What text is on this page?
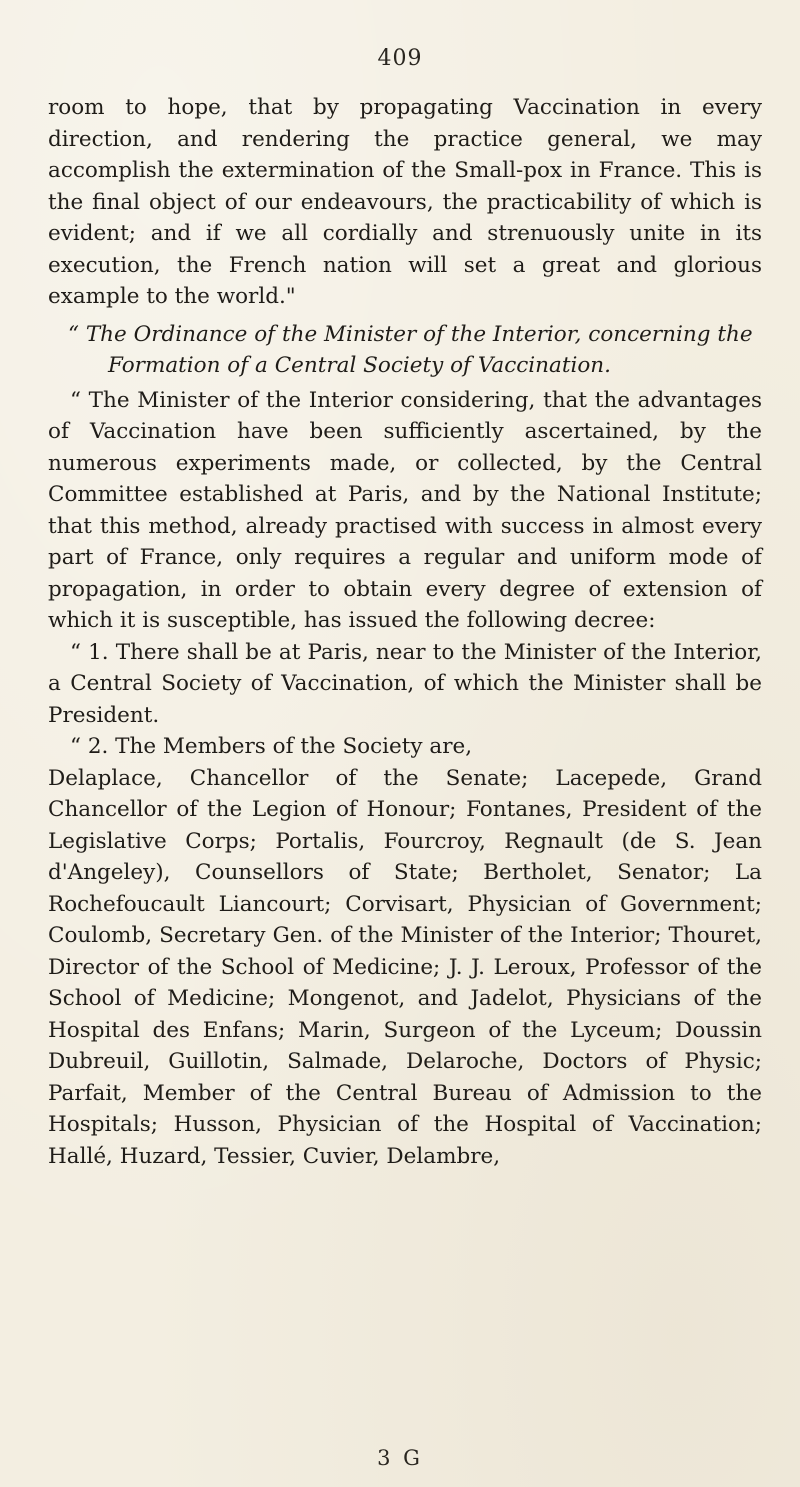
409

room to hope, that by propagating Vaccination in every direction, and rendering the practice general, we may accomplish the extermination of the Small-pox in France. This is the final object of our endeavours, the practicability of which is evident; and if we all cordially and strenuously unite in its execution, the French nation will set a great and glorious example to the world."

“ The Ordinance of the Minister of the Interior, concerning the
Formation of a Central Society of Vaccination.

“ The Minister of the Interior considering, that the advantages of Vaccination have been sufficiently ascertained, by the numerous experiments made, or collected, by the Central Committee established at Paris, and by the National Institute; that this method, already practised with success in almost every part of France, only requires a regular and uniform mode of propagation, in order to obtain every degree of extension of which it is susceptible, has issued the following decree:

“ 1. There shall be at Paris, near to the Minister of the Interior, a Central Society of Vaccination, of which the Minister shall be President.

“ 2. The Members of the Society are,

Delaplace, Chancellor of the Senate; Lacepede, Grand Chancellor of the Legion of Honour; Fontanes, President of the Legislative Corps; Portalis, Fourcroy, Regnault (de S. Jean d'Angeley), Counsellors of State; Bertholet, Senator; La Rochefoucault Liancourt; Corvisart, Physician of Government; Coulomb, Secretary Gen. of the Minister of the Interior; Thouret, Director of the School of Medicine; J. J. Leroux, Professor of the School of Medicine; Mongenot, and Jadelot, Physicians of the Hospital des Enfans; Marin, Surgeon of the Lyceum; Doussin Dubreuil, Guillotin, Salmade, Delaroche, Doctors of Physic; Parfait, Member of the Central Bureau of Admission to the Hospitals; Husson, Physician of the Hospital of Vaccination; Hallé, Huzard, Tessier, Cuvier, Delambre,

3 G
